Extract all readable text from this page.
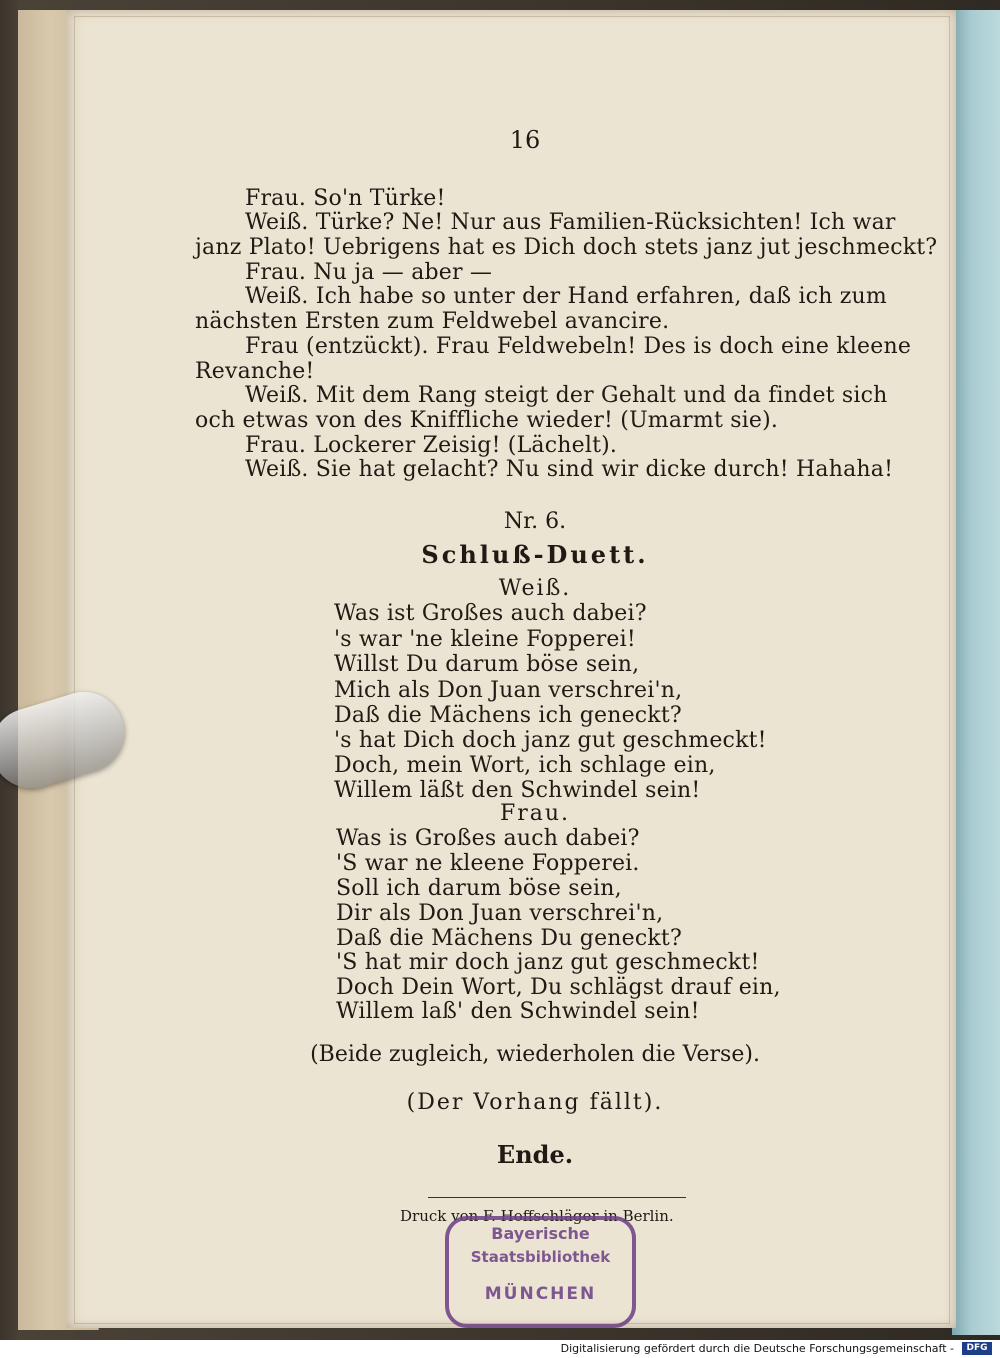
16
Frau. So'n Türke!
Weiß. Türke? Ne! Nur aus Familien-Rücksichten! Ich war
janz Plato! Uebrigens hat es Dich doch stets janz jut jeschmeckt?
Frau. Nu ja — aber —
Weiß. Ich habe so unter der Hand erfahren, daß ich zum
nächsten Ersten zum Feldwebel avancire.
Frau (entzückt). Frau Feldwebeln! Des is doch eine kleene
Revanche!
Weiß. Mit dem Rang steigt der Gehalt und da findet sich
och etwas von des Kniffliche wieder! (Umarmt sie).
Frau. Lockerer Zeisig! (Lächelt).
Weiß. Sie hat gelacht? Nu sind wir dicke durch! Hahaha!
Nr. 6.
Schluß-Duett.
Weiß.
Was ist Großes auch dabei?
's war 'ne kleine Fopperei!
Willst Du darum böse sein,
Mich als Don Juan verschrei'n,
Daß die Mächens ich geneckt?
's hat Dich doch janz gut geschmeckt!
Doch, mein Wort, ich schlage ein,
Willem läßt den Schwindel sein!
Frau.
Was is Großes auch dabei?
'S war ne kleene Fopperei.
Soll ich darum böse sein,
Dir als Don Juan verschrei'n,
Daß die Mächens Du geneckt?
'S hat mir doch janz gut geschmeckt!
Doch Dein Wort, Du schlägst drauf ein,
Willem laß' den Schwindel sein!
(Beide zugleich, wiederholen die Verse).
(Der Vorhang fällt).
Ende.
Druck von F. Hoffschläger in Berlin.
Bayerische
Staatsbibliothek
MÜNCHEN
Digitalisierung gefördert durch die Deutsche Forschungsgemeinschaft -	DFG
